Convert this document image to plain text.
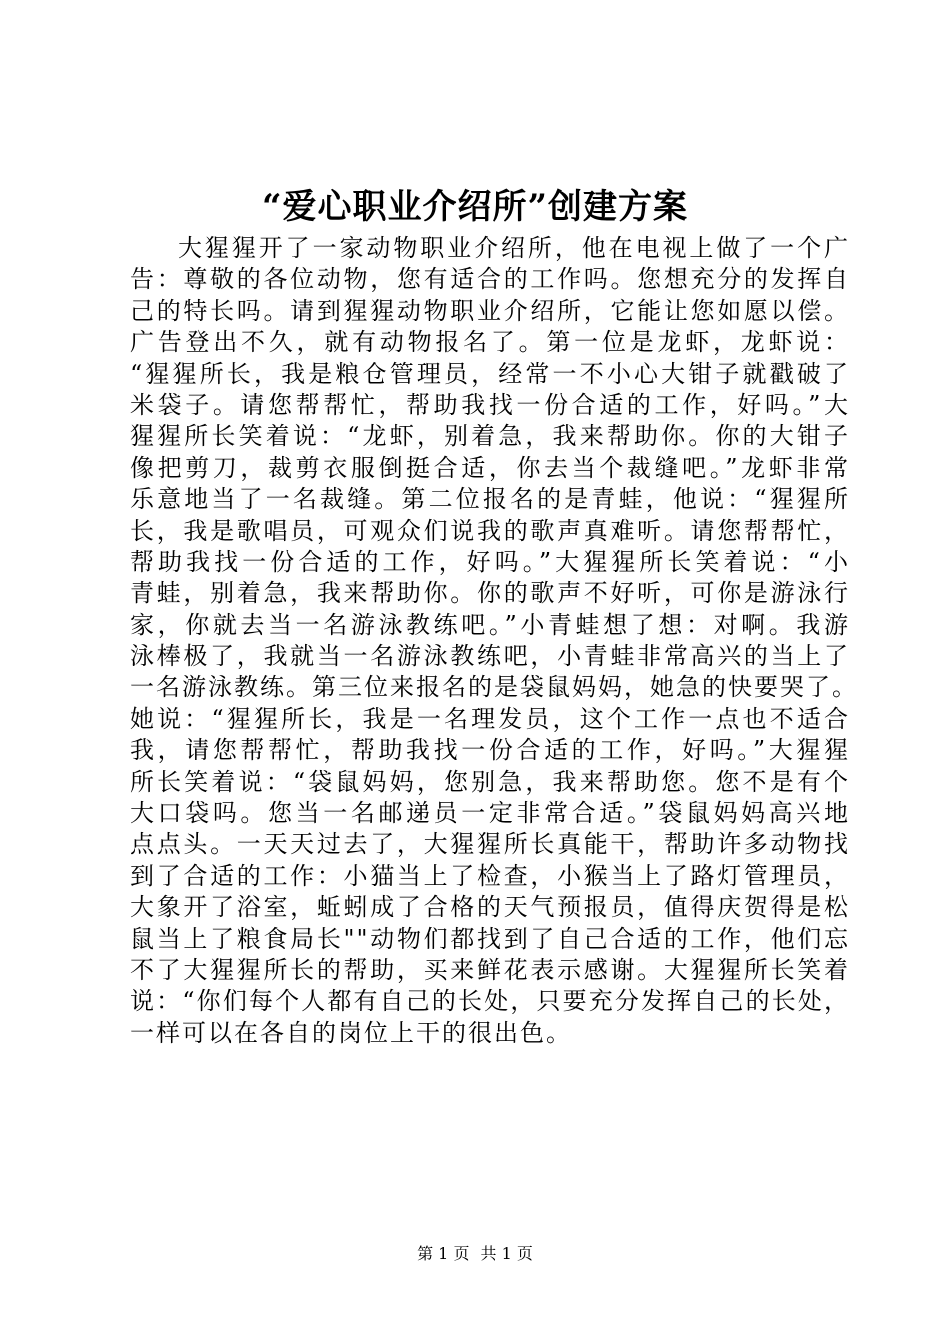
“爱心职业介绍所”创建方案
大猩猩开了一家动物职业介绍所，他在电视上做了一个广
告：尊敬的各位动物，您有适合的工作吗。您想充分的发挥自
己的特长吗。请到猩猩动物职业介绍所，它能让您如愿以偿。
广告登出不久，就有动物报名了。第一位是龙虾，龙虾说：
“猩猩所长，我是粮仓管理员，经常一不小心大钳子就戳破了
米袋子。请您帮帮忙，帮助我找一份合适的工作，好吗。”大
猩猩所长笑着说：“龙虾，别着急，我来帮助你。你的大钳子
像把剪刀，裁剪衣服倒挺合适，你去当个裁缝吧。”龙虾非常
乐意地当了一名裁缝。第二位报名的是青蛙，他说：“猩猩所
长，我是歌唱员，可观众们说我的歌声真难听。请您帮帮忙，
帮助我找一份合适的工作，好吗。”大猩猩所长笑着说：“小
青蛙，别着急，我来帮助你。你的歌声不好听，可你是游泳行
家，你就去当一名游泳教练吧。”小青蛙想了想：对啊。我游
泳棒极了，我就当一名游泳教练吧，小青蛙非常高兴的当上了
一名游泳教练。第三位来报名的是袋鼠妈妈，她急的快要哭了。
她说：“猩猩所长，我是一名理发员，这个工作一点也不适合
我，请您帮帮忙，帮助我找一份合适的工作，好吗。”大猩猩
所长笑着说：“袋鼠妈妈，您别急，我来帮助您。您不是有个
大口袋吗。您当一名邮递员一定非常合适。”袋鼠妈妈高兴地
点点头。一天天过去了，大猩猩所长真能干，帮助许多动物找
到了合适的工作：小猫当上了检查，小猴当上了路灯管理员，
大象开了浴室，蚯蚓成了合格的天气预报员，值得庆贺得是松
鼠当上了粮食局长""动物们都找到了自己合适的工作，他们忘
不了大猩猩所长的帮助，买来鲜花表示感谢。大猩猩所长笑着
说：“你们每个人都有自己的长处，只要充分发挥自己的长处，
一样可以在各自的岗位上干的很出色。
第 1 页 共 1 页
